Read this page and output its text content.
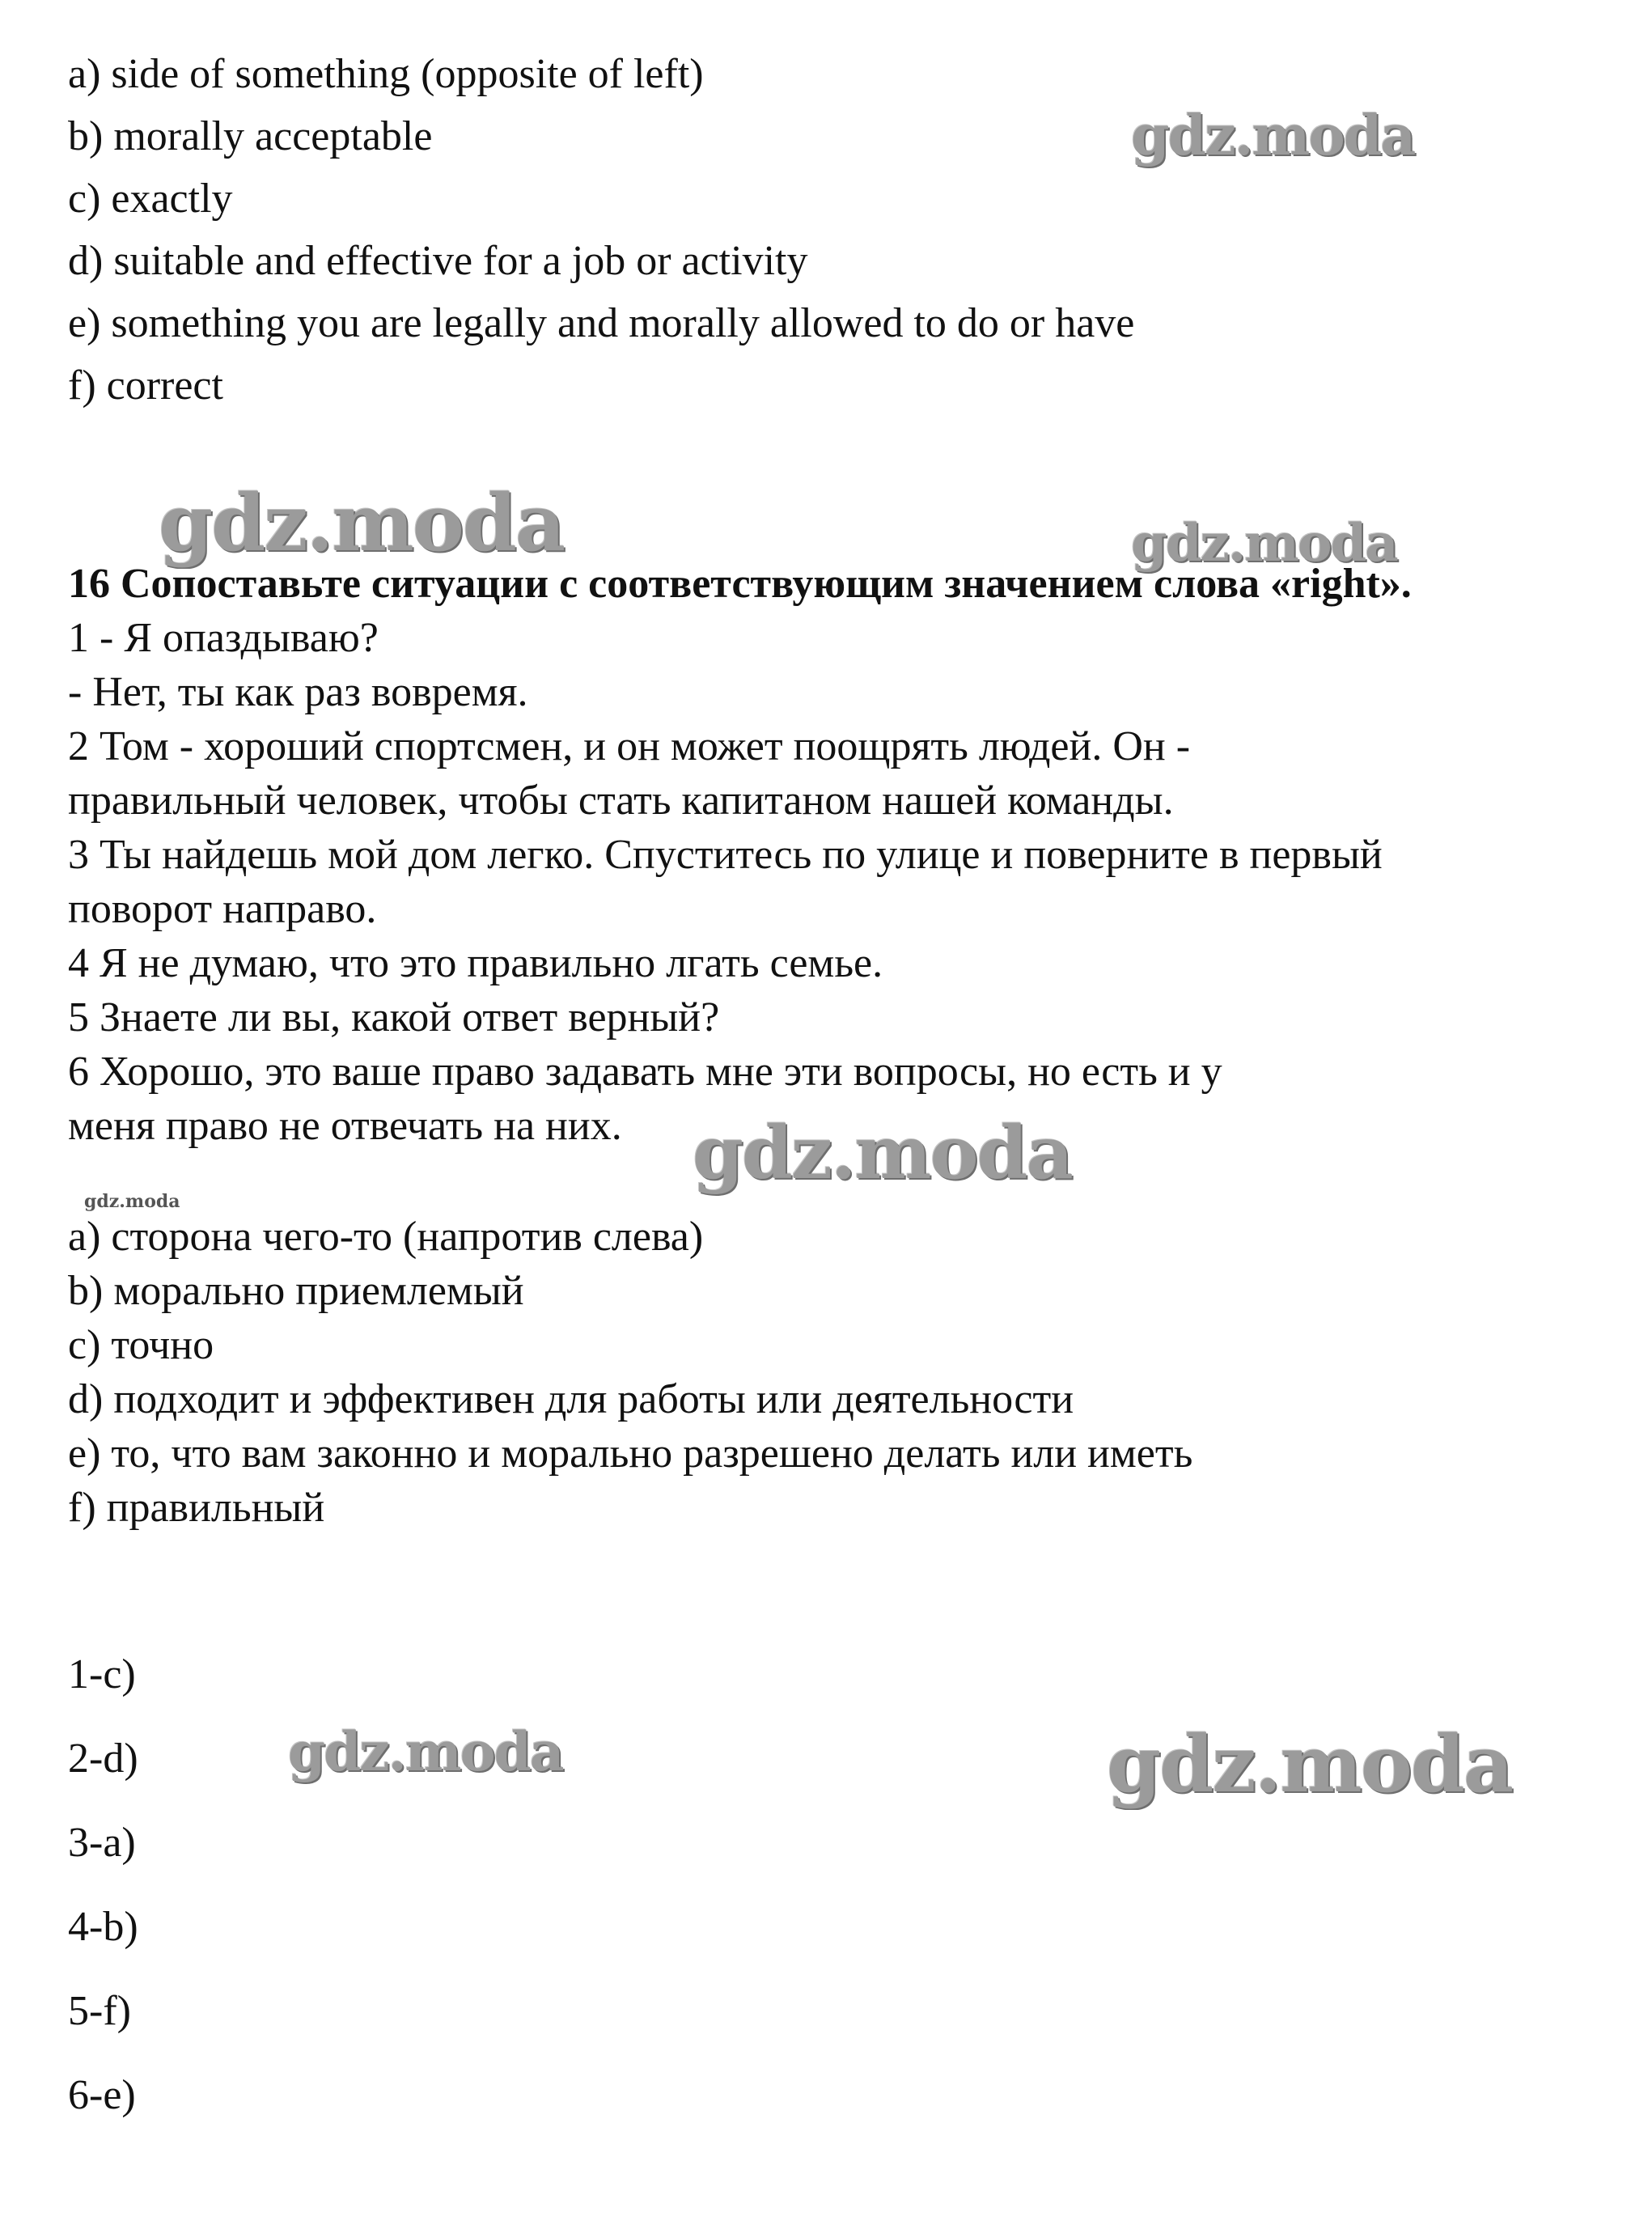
a) side of something (opposite of left)
b) morally acceptable
c) exactly
d) suitable and effective for a job or activity
e) something you are legally and morally allowed to do or have
f) correct
16 Сопоставьте ситуации с соответствующим значением слова «right».
1 - Я опаздываю?
- Нет, ты как раз вовремя.
2 Том - хороший спортсмен, и он может поощрять людей. Он -
правильный человек, чтобы стать капитаном нашей команды.
3 Ты найдешь мой дом легко. Спуститесь по улице и поверните в первый
поворот направо.
4 Я не думаю, что это правильно лгать семье.
5 Знаете ли вы, какой ответ верный?
6 Хорошо, это ваше право задавать мне эти вопросы, но есть и у
меня право не отвечать на них.
a) сторона чего-то (напротив слева)
b) морально приемлемый
c) точно
d) подходит и эффективен для работы или деятельности
e) то, что вам законно и морально разрешено делать или иметь
f) правильный
1-c)
2-d)
3-a)
4-b)
5-f)
6-e)
gdz.moda
gdz.moda	gdz.moda
gdz.moda
gdz.moda
gdz.moda	gdz.moda
